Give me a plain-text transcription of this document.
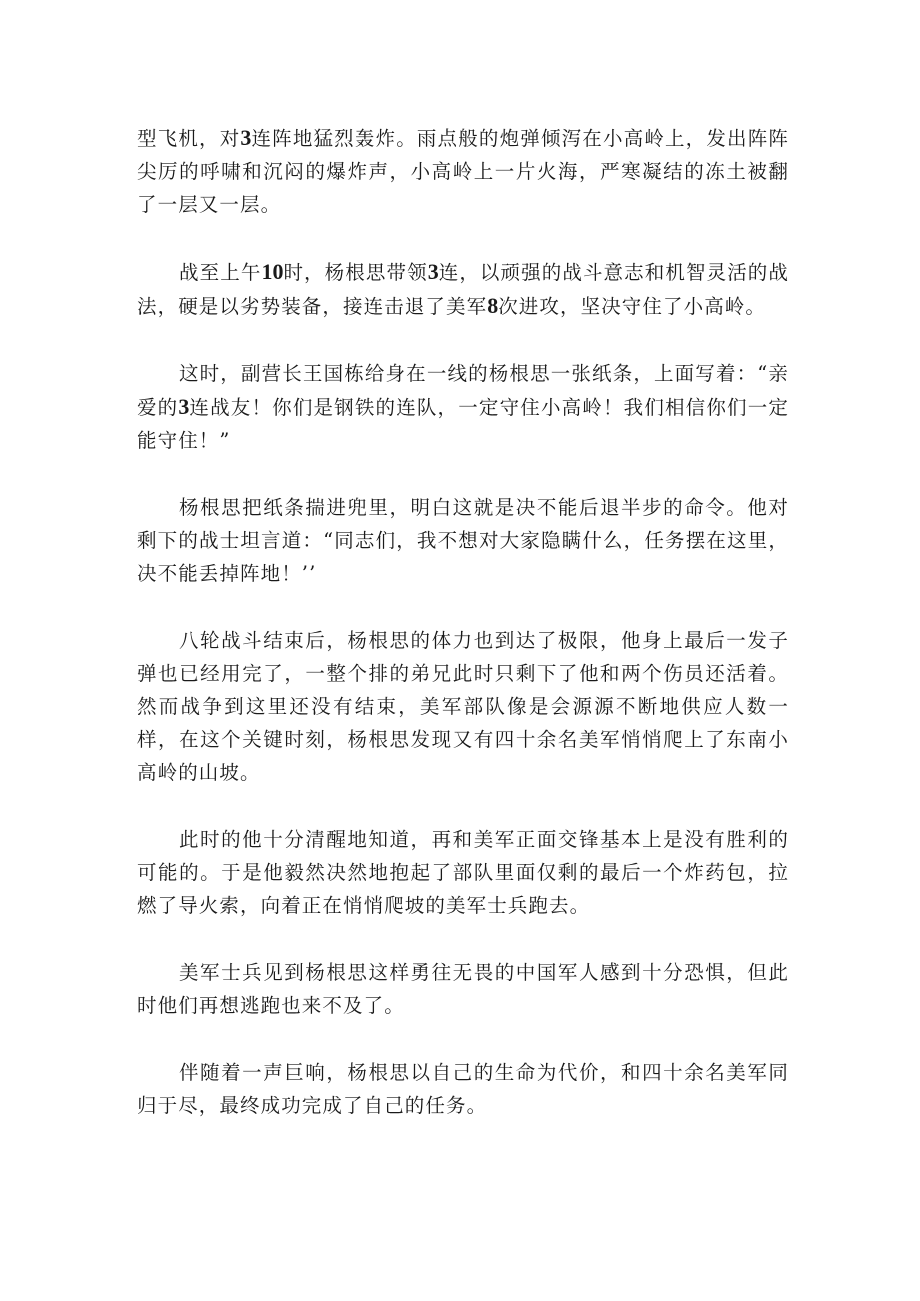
型飞机，对3连阵地猛烈轰炸。雨点般的炮弹倾泻在小高岭上，发出阵阵尖厉的呼啸和沉闷的爆炸声，小高岭上一片火海，严寒凝结的冻土被翻了一层又一层。

战至上午10时，杨根思带领3连，以顽强的战斗意志和机智灵活的战法，硬是以劣势装备，接连击退了美军8次进攻，坚决守住了小高岭。

这时，副营长王国栋给身在一线的杨根思一张纸条，上面写着：“亲爱的3连战友！你们是钢铁的连队，一定守住小高岭！我们相信你们一定能守住！”

杨根思把纸条揣进兜里，明白这就是决不能后退半步的命令。他对剩下的战士坦言道：“同志们，我不想对大家隐瞒什么，任务摆在这里，决不能丢掉阵地！’’

八轮战斗结束后，杨根思的体力也到达了极限，他身上最后一发子弹也已经用完了，一整个排的弟兄此时只剩下了他和两个伤员还活着。然而战争到这里还没有结束，美军部队像是会源源不断地供应人数一样，在这个关键时刻，杨根思发现又有四十余名美军悄悄爬上了东南小高岭的山坡。

此时的他十分清醒地知道，再和美军正面交锋基本上是没有胜利的可能的。于是他毅然决然地抱起了部队里面仅剩的最后一个炸药包，拉燃了导火索，向着正在悄悄爬坡的美军士兵跑去。

美军士兵见到杨根思这样勇往无畏的中国军人感到十分恐惧，但此时他们再想逃跑也来不及了。

伴随着一声巨响，杨根思以自己的生命为代价，和四十余名美军同归于尽，最终成功完成了自己的任务。
